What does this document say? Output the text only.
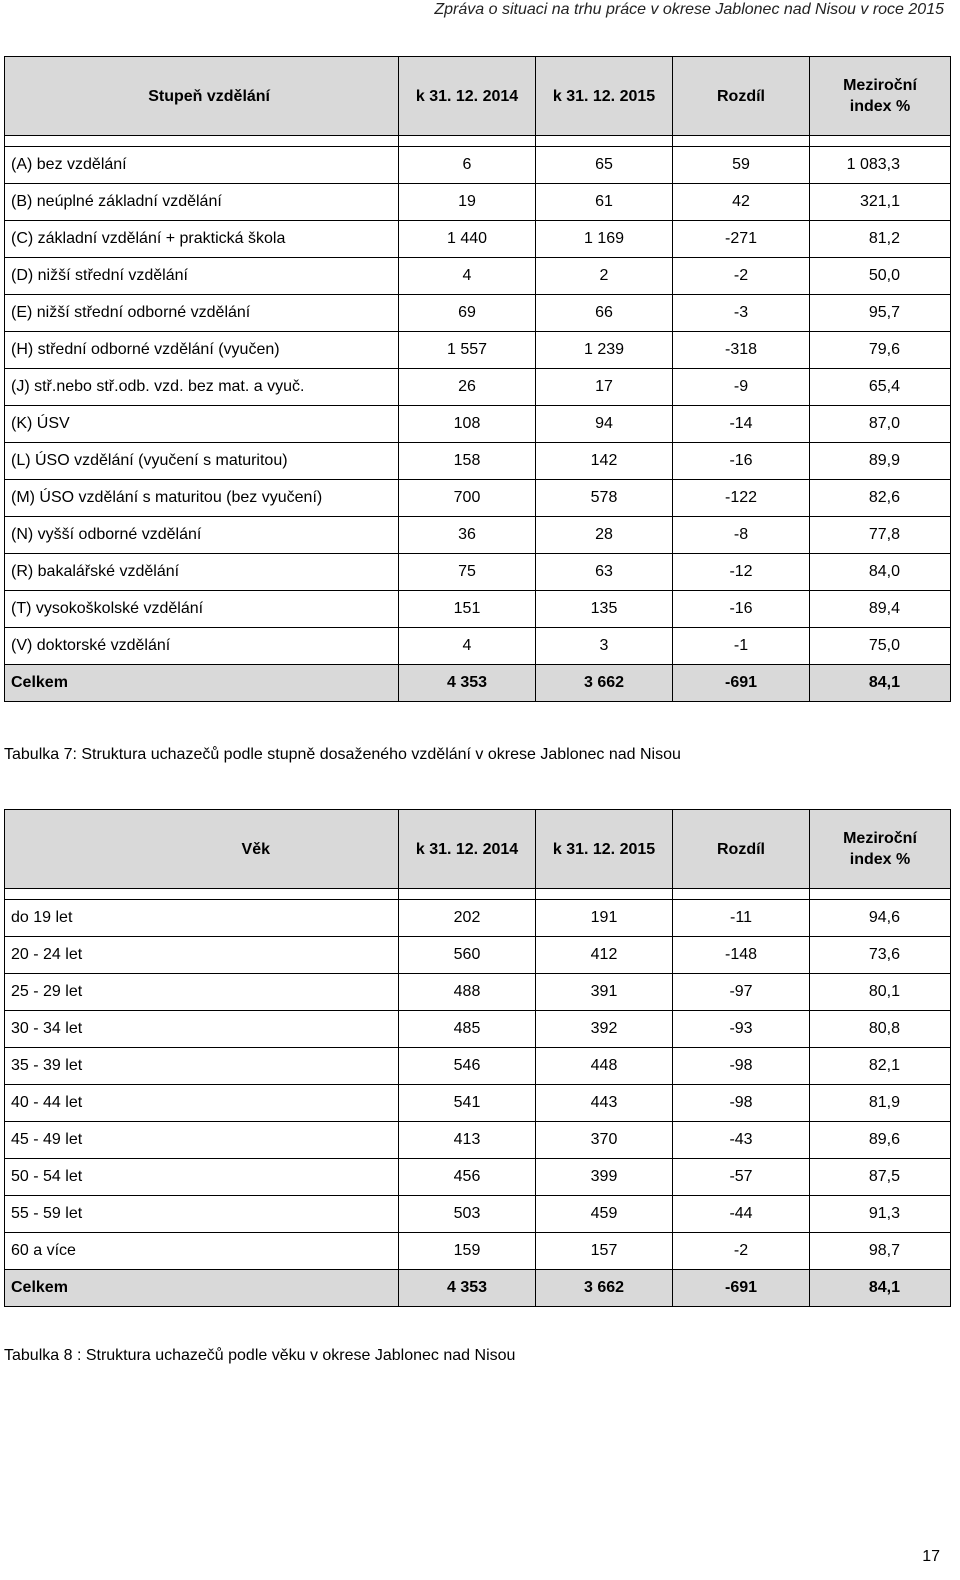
Zpráva o situaci na trhu práce v okrese Jablonec nad Nisou v roce 2015
Stupeň vzdělání	k 31. 12. 2014	k 31. 12. 2015	Rozdíl	Meziroční
index %

(A) bez vzdělání	6	65	59	1 083,3
(B) neúplné základní vzdělání	19	61	42	321,1
(C) základní vzdělání + praktická škola	1 440	1 169	-271	81,2
(D) nižší střední vzdělání	4	2	-2	50,0
(E) nižší střední odborné vzdělání	69	66	-3	95,7
(H) střední odborné vzdělání (vyučen)	1 557	1 239	-318	79,6
(J) stř.nebo stř.odb. vzd. bez mat. a vyuč.	26	17	-9	65,4
(K) ÚSV	108	94	-14	87,0
(L) ÚSO vzdělání (vyučení s maturitou)	158	142	-16	89,9
(M) ÚSO vzdělání s maturitou (bez vyučení)	700	578	-122	82,6
(N) vyšší odborné vzdělání	36	28	-8	77,8
(R) bakalářské vzdělání	75	63	-12	84,0
(T) vysokoškolské vzdělání	151	135	-16	89,4
(V) doktorské vzdělání	4	3	-1	75,0
Celkem	4 353	3 662	-691	84,1
Tabulka 7: Struktura uchazečů podle stupně dosaženého vzdělání v okrese Jablonec nad Nisou
Věk	k 31. 12. 2014	k 31. 12. 2015	Rozdíl	Meziroční
index %

do 19 let	202	191	-11	94,6
20 - 24 let	560	412	-148	73,6
25 - 29 let	488	391	-97	80,1
30 - 34 let	485	392	-93	80,8
35 - 39 let	546	448	-98	82,1
40 - 44 let	541	443	-98	81,9
45 - 49 let	413	370	-43	89,6
50 - 54 let	456	399	-57	87,5
55 - 59 let	503	459	-44	91,3
60 a více	159	157	-2	98,7
Celkem	4 353	3 662	-691	84,1
Tabulka 8 : Struktura uchazečů podle věku v okrese Jablonec nad Nisou
17
